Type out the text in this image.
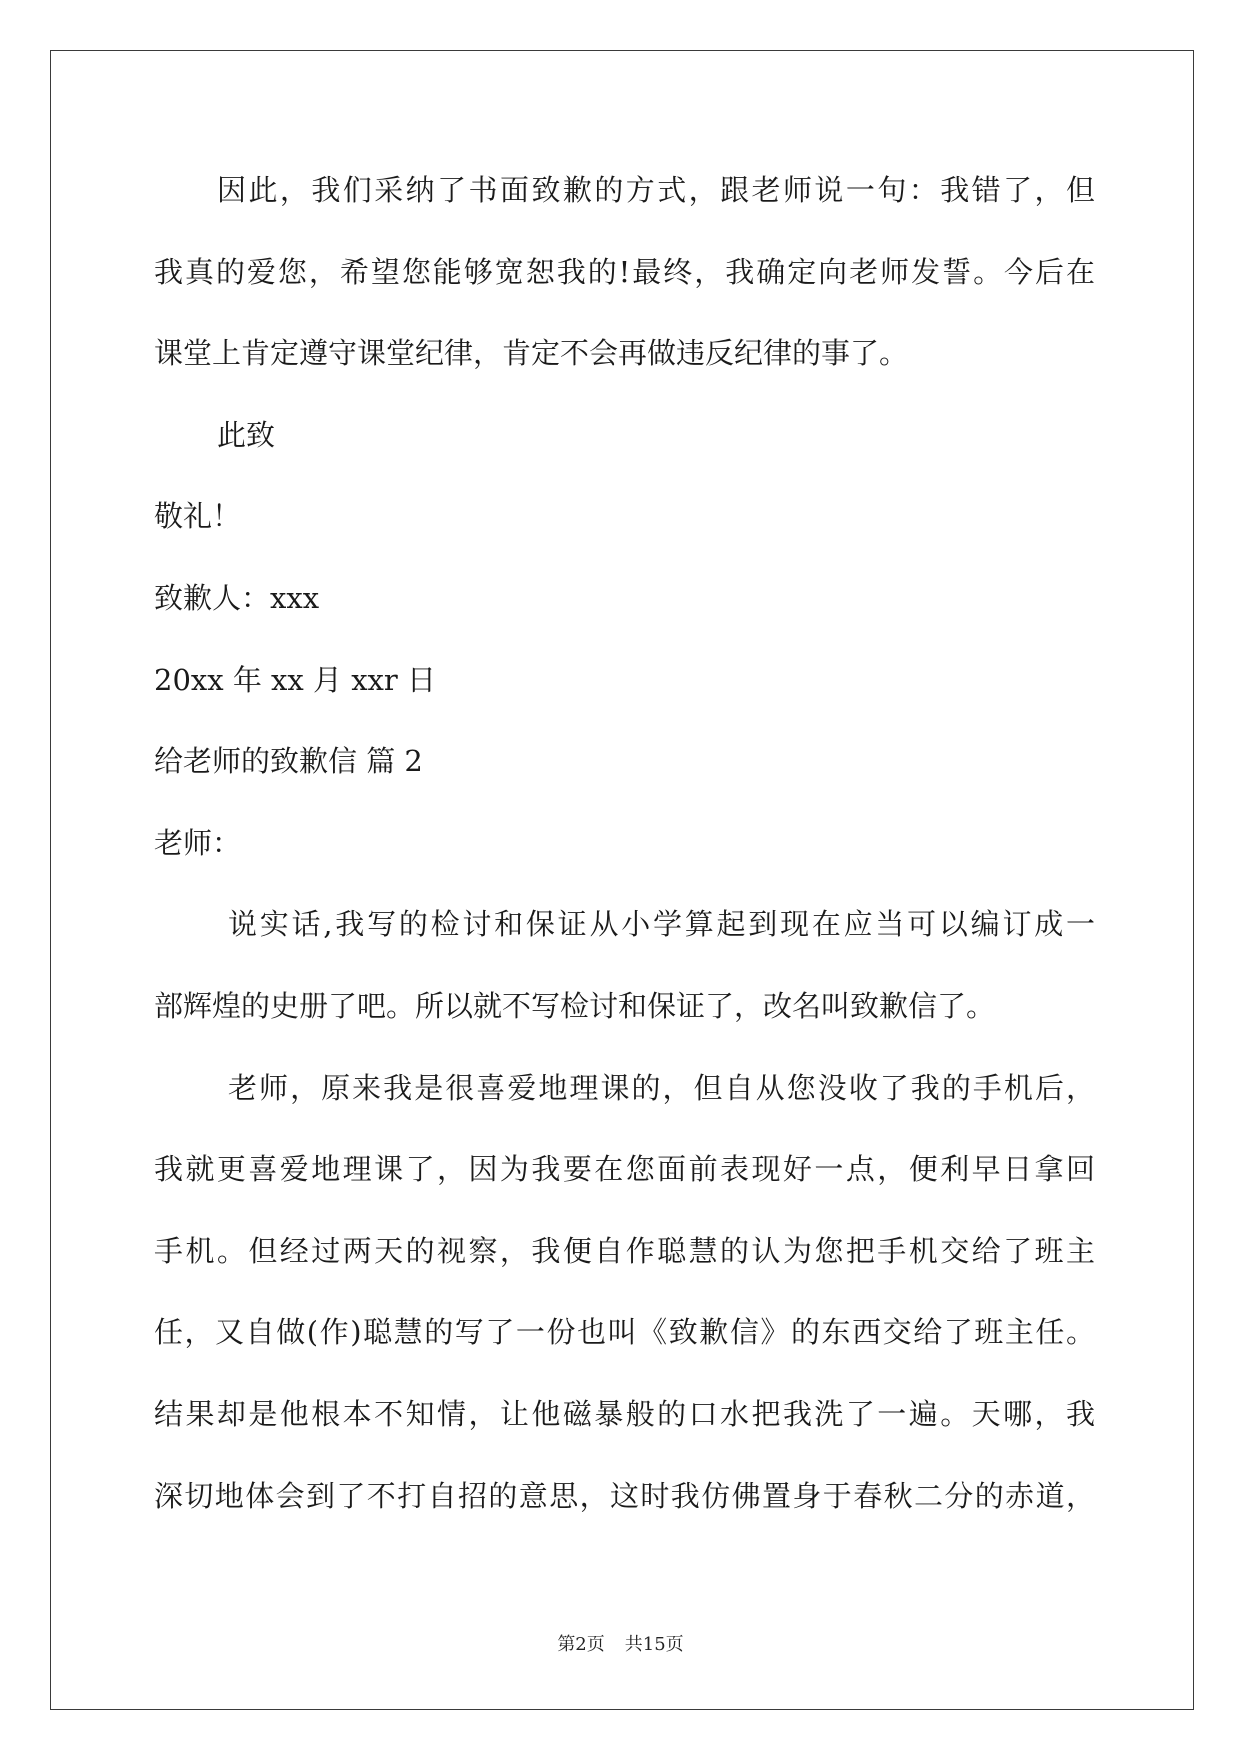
因此，我们采纳了书面致歉的方式，跟老师说一句：我错了，但
我真的爱您，希望您能够宽恕我的!最终，我确定向老师发誓。今后在
课堂上肯定遵守课堂纪律，肯定不会再做违反纪律的事了。
此致
敬礼！
致歉人：xxx
20xx 年 xx 月 xxr 日
给老师的致歉信 篇 2
老师：
说实话,我写的检讨和保证从小学算起到现在应当可以编订成一
部辉煌的史册了吧。所以就不写检讨和保证了，改名叫致歉信了。
老师，原来我是很喜爱地理课的，但自从您没收了我的手机后，
我就更喜爱地理课了，因为我要在您面前表现好一点，便利早日拿回
手机。但经过两天的视察，我便自作聪慧的认为您把手机交给了班主
任，又自做(作)聪慧的写了一份也叫《致歉信》的东西交给了班主任。
结果却是他根本不知情，让他磁暴般的口水把我洗了一遍。天哪，我
深切地体会到了不打自招的意思，这时我仿佛置身于春秋二分的赤道，
第2页 共15页
